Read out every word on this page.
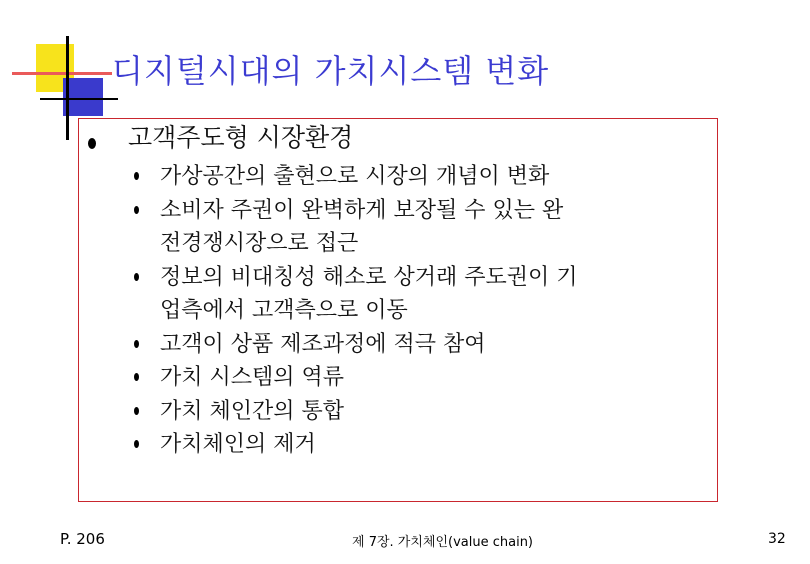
디지털시대의 가치시스템 변화
고객주도형 시장환경
가상공간의 출현으로 시장의 개념이 변화
소비자 주권이 완벽하게 보장될 수 있는 완
전경쟁시장으로 접근
정보의 비대칭성 해소로 상거래 주도권이 기
업측에서 고객측으로 이동
고객이 상품 제조과정에 적극 참여
가치 시스템의 역류
가치 체인간의 통합
가치체인의 제거
P. 206	제 7장. 가치체인(value chain)	32
